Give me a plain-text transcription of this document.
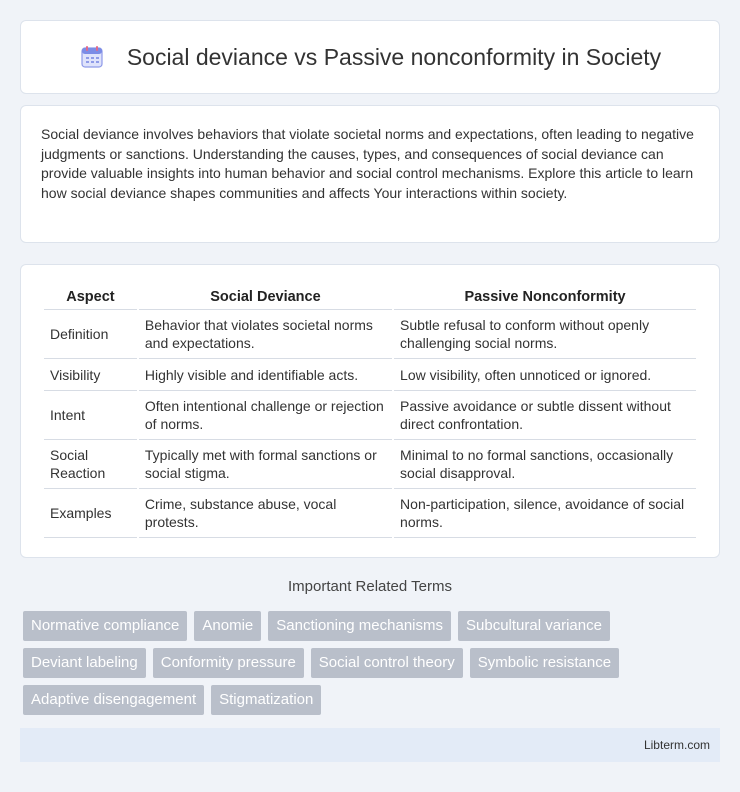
Social deviance vs Passive nonconformity in Society

Social deviance involves behaviors that violate societal norms and expectations, often leading to negative judgments or sanctions. Understanding the causes, types, and consequences of social deviance can provide valuable insights into human behavior and social control mechanisms. Explore this article to learn how social deviance shapes communities and affects Your interactions within society.

Aspect	Social Deviance	Passive Nonconformity
Definition	Behavior that violates societal norms and expectations.	Subtle refusal to conform without openly challenging social norms.
Visibility	Highly visible and identifiable acts.	Low visibility, often unnoticed or ignored.
Intent	Often intentional challenge or rejection of norms.	Passive avoidance or subtle dissent without direct confrontation.
Social Reaction	Typically met with formal sanctions or social stigma.	Minimal to no formal sanctions, occasionally social disapproval.
Examples	Crime, substance abuse, vocal protests.	Non-participation, silence, avoidance of social norms.
Important Related Terms
Normative compliance	Anomie	Sanctioning mechanisms	Subcultural variance
Deviant labeling	Conformity pressure	Social control theory	Symbolic resistance
Adaptive disengagement	Stigmatization
Libterm.com
